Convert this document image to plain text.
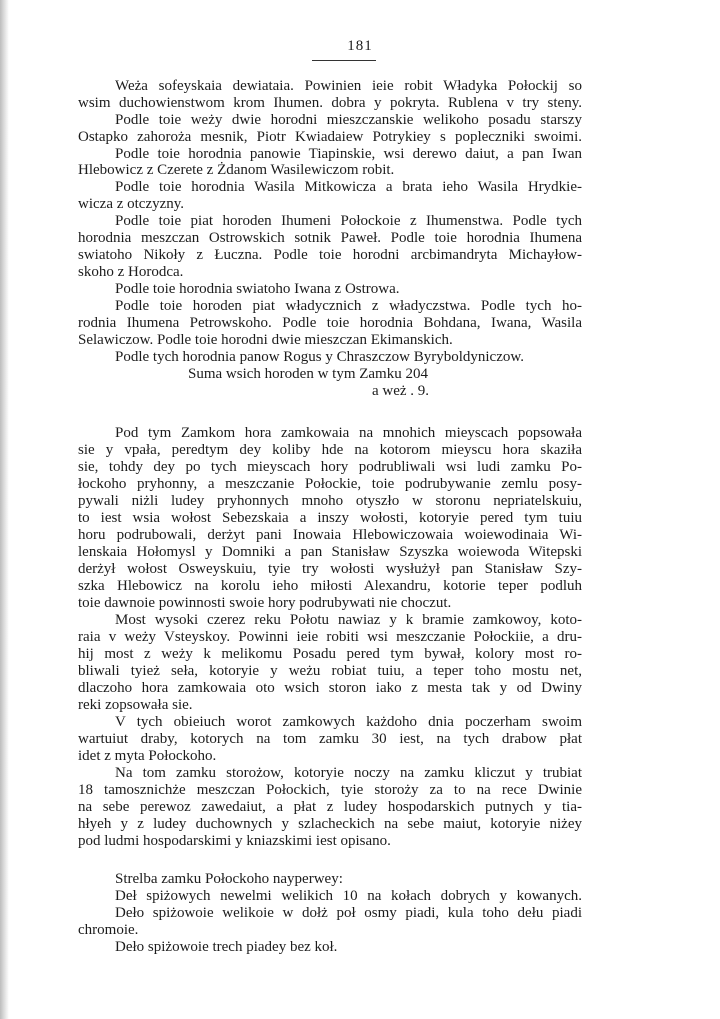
181
Weża sofeyskaia dewiataia. Powinien ieie robit Władyka Połockij so
wsim duchowienstwom krom Ihumen. dobra y pokryta. Rublena v try steny.
Podle toie weży dwie horodni mieszczanskie welikoho posadu starszy
Ostapko zahoroża mesnik, Piotr Kwiadaiew Potrykiey s poplecznikі swoimi.
Podle toie horodnia panowie Tiapinskie, wsi derewo daiut, a pan Iwan
Hlebowicz z Czerete z Żdanom Wasilewiczom robit.
Podle toie horodnia Wasila Mitkowicza a brata ieho Wasila Hrydkie-
wicza z otczyzny.
Podle toie piat horoden Ihumeni Połockoie z Ihumenstwa. Podle tych
horodnia meszczan Ostrowskich sotnik Paweł. Podle toie horodnia Ihumena
swiatoho Nikoły z Łuczna. Podle toie horodni arcbimandryta Michayłow-
skoho z Horodca.
Podle toie horodnia swiatoho Iwana z Ostrowa.
Podle toie horoden piat władycznich z władyczstwa. Podle tych ho-
rodnia Ihumena Petrowskoho. Podle toie horodnia Bohdana, Iwana, Wasila
Selawiczow. Podle toie horodni dwie mieszczan Ekimanskich.
Podle tych horodnia panow Rogus y Chraszczow Byryboldyniczow.
Suma wsich horoden w tym Zamku 204
a weż . 9.
Pod tym Zamkom hora zamkowaia na mnohich mieyscach popsowała
sie y vpała, peredtym dey koliby hde na kotorom mieyscu hora skaziła
sie, tohdy dey po tych mieyscach hory podrubliwali wsi ludi zamku Po-
łockoho pryhonny, a meszczanie Połockie, toie podrubywanie zemlu posy-
pywali niżli ludey pryhonnych mnoho otyszło w storonu nepriatelskuiu,
to iest wsia wołost Sebezskaia a inszy wołosti, kotoryie pered tym tuiu
horu podrubowali, derżyt pani Inowaia Hlebowiczowaia woiewodinaia Wi-
lenskaia Hołomysl y Domniki a pan Stanisław Szyszka woiewoda Witepski
derżył wołost Oswеyskuiu, tyie try wołosti wysłużył pan Stanisław Szy-
szka Hlebowicz na korolu ieho miłosti Alexandru, kotorie teper podluh
toie dawnoie powinnosti swoie hory podrubywati nie choczut.
Most wysoki czerez reku Połotu nawiaz y k bramie zamkowoy, koto-
raia v weży Vsteyskoy. Powinni ieie robiti wsi meszczanie Połockiie, a dru-
hij most z weży k melikomu Posadu pered tym bywał, kolory most ro-
bliwali tyież seła, kotoryie y weżu robiat tuiu, a teper toho mostu net,
dlaczoho hora zamkowaia oto wsich storon iako z mesta tak y od Dwiny
reki zopsowała sie.
V tych obieiuch worot zamkowych każdoho dnia poczerham swoim
wartuiut draby, kotorych na tom zamku 30 iest, na tych drabow płat
idet z myta Połockoho.
Na tom zamku storożow, kotoryie noczy na zamku kliczut y trubiat
18 tamosznichże meszczan Połockich, tyie storoży za to na rece Dwinie
na sebe perewoz zawedaiut, a płat z ludey hospodarskich putnych y tia-
hłyeh y z ludey duchownych y szlacheckich na sebe maiut, kotoryie niżey
pod ludmi hospodarskimi y kniazskimi iest opisano.
Strelba zamku Połockoho nayperwey:
Deł spiżowych newelmi welikich 10 na kołach dobrych y kowanych.
Deło spiżowoie welikoie w dołż poł osmy piadi, kula toho dełu piadi
chromoie.
Deło spiżowoie trech piadey bez koł.
